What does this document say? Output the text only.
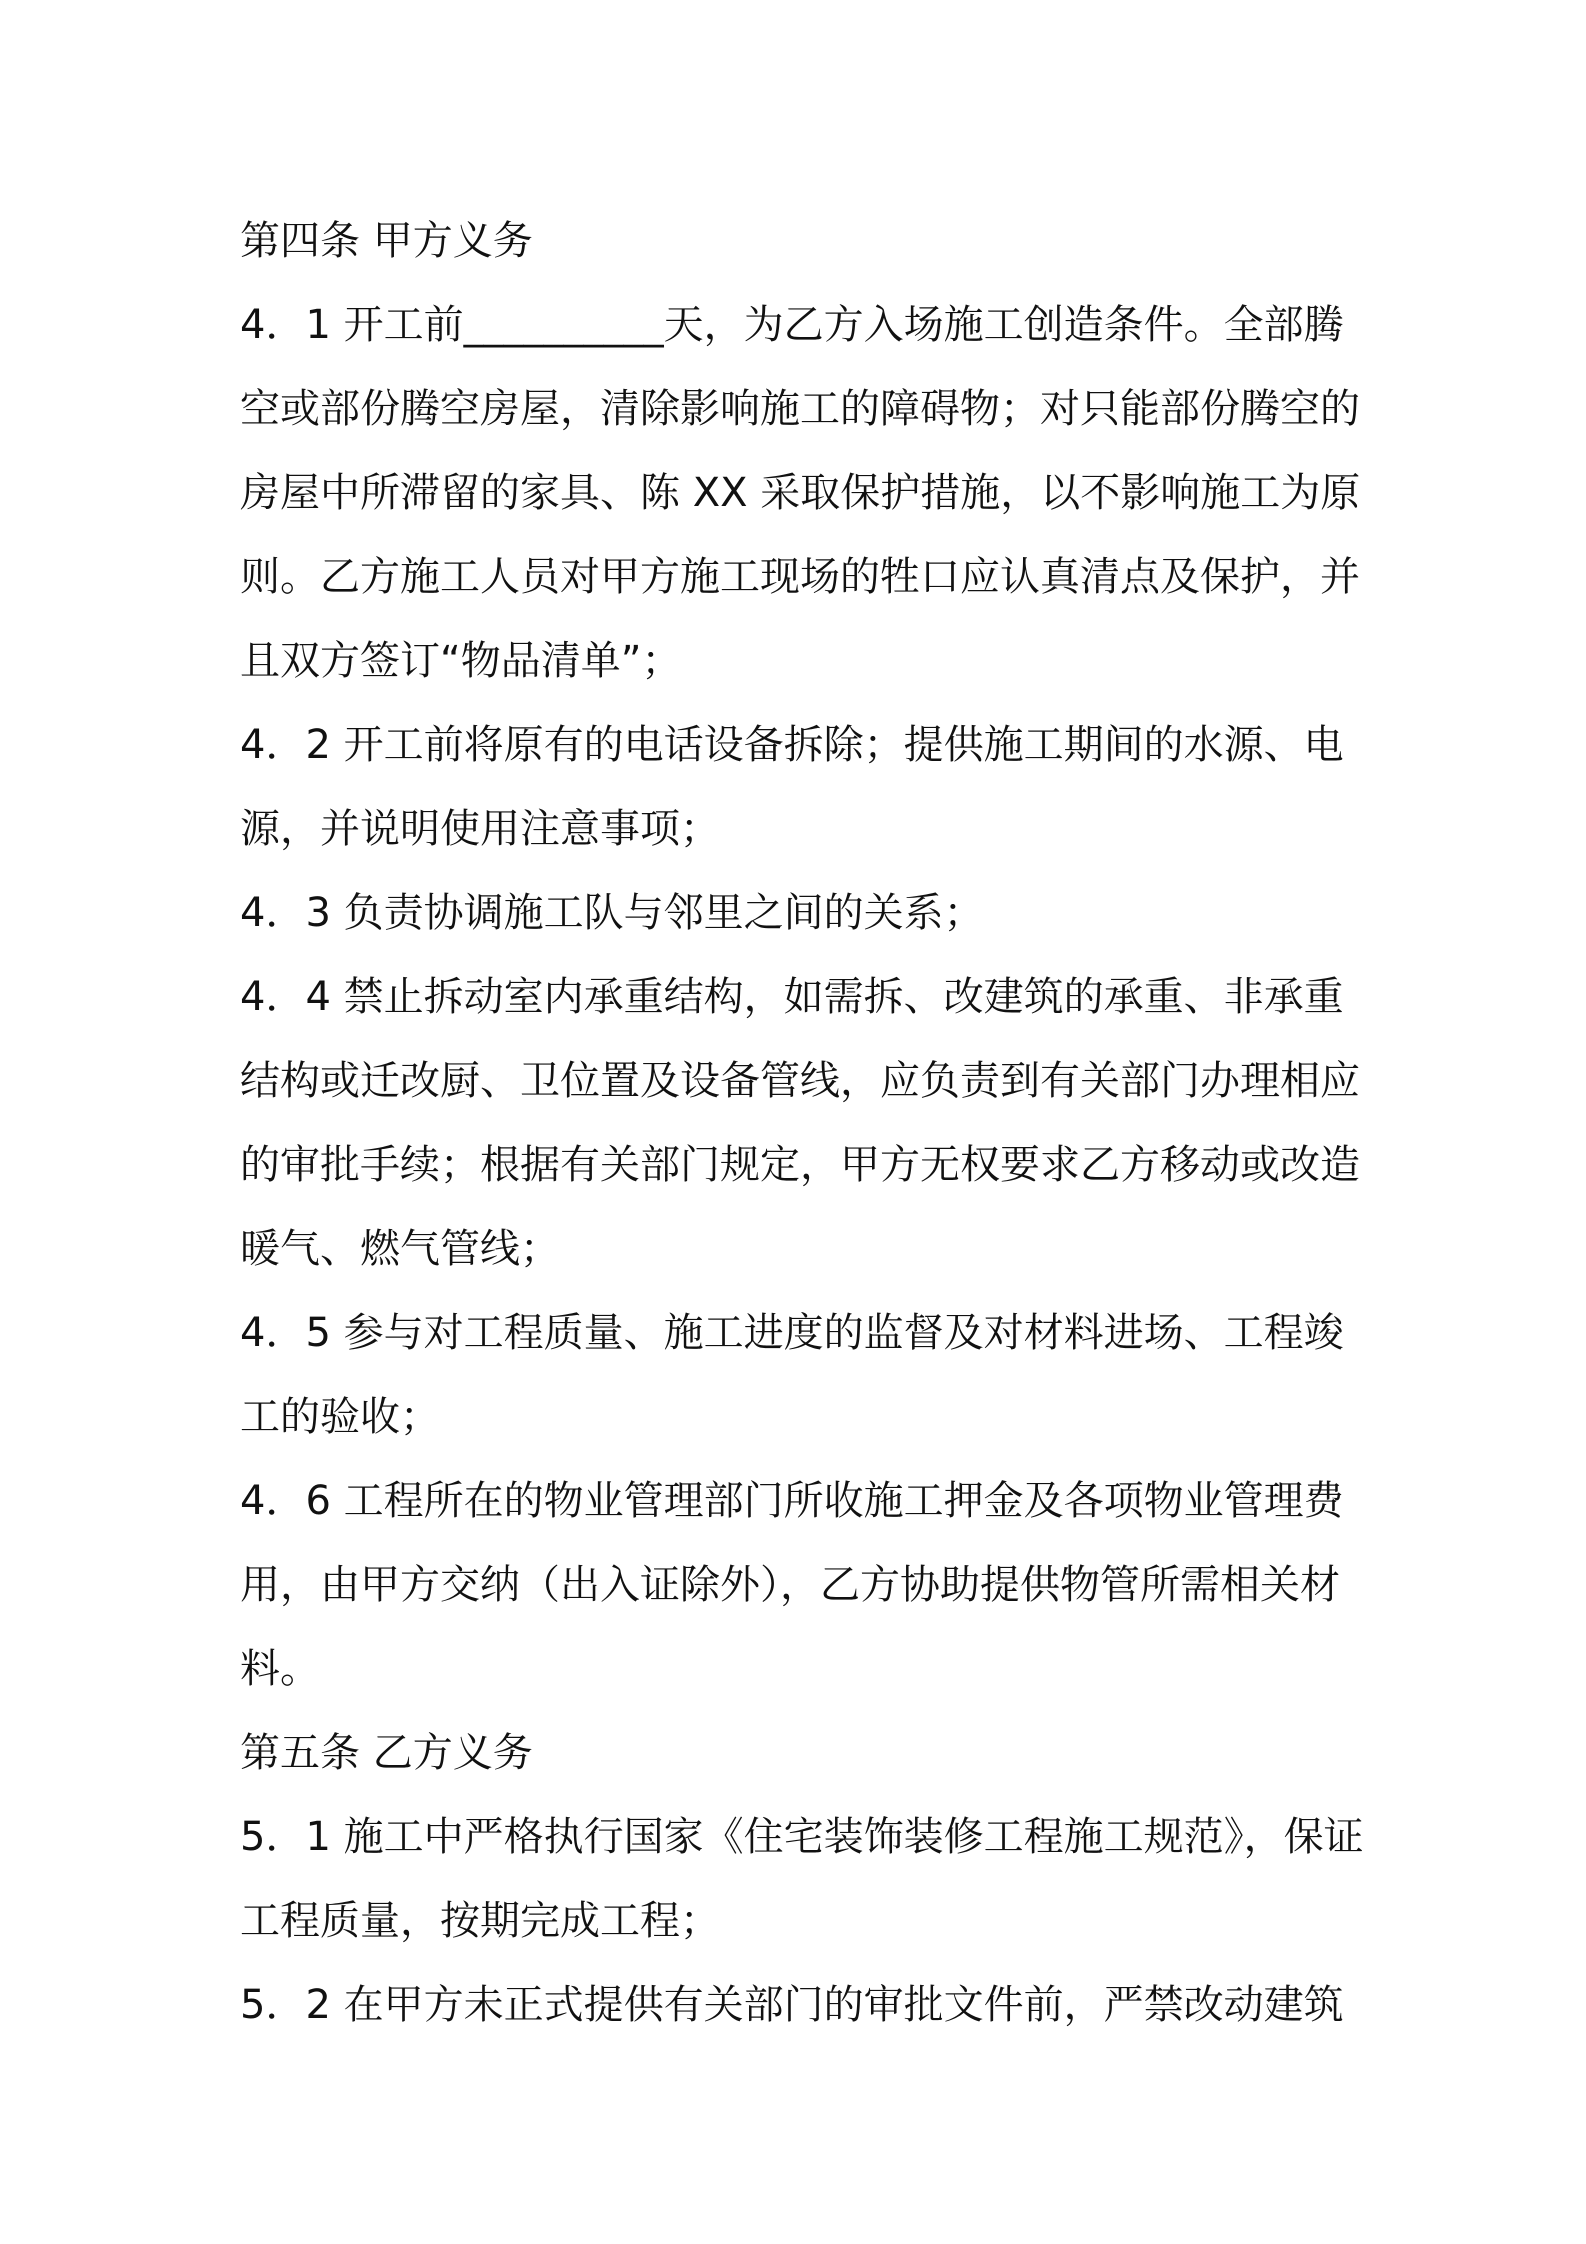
第四条 甲方义务

4．1 开工前__________天，为乙方入场施工创造条件。全部腾

空或部份腾空房屋，清除影响施工的障碍物；对只能部份腾空的

房屋中所滞留的家具、陈 XX 采取保护措施，以不影响施工为原

则。乙方施工人员对甲方施工现场的牲口应认真清点及保护，并

且双方签订“物品清单”；

4．2 开工前将原有的电话设备拆除；提供施工期间的水源、电

源，并说明使用注意事项；

4．3 负责协调施工队与邻里之间的关系；

4．4 禁止拆动室内承重结构，如需拆、改建筑的承重、非承重

结构或迁改厨、卫位置及设备管线，应负责到有关部门办理相应

的审批手续；根据有关部门规定，甲方无权要求乙方移动或改造

暖气、燃气管线；

4．5 参与对工程质量、施工进度的监督及对材料进场、工程竣

工的验收；

4．6 工程所在的物业管理部门所收施工押金及各项物业管理费

用，由甲方交纳（出入证除外），乙方协助提供物管所需相关材

料。

第五条 乙方义务

5．1 施工中严格执行国家《住宅装饰装修工程施工规范》，保证

工程质量，按期完成工程；

5．2 在甲方未正式提供有关部门的审批文件前，严禁改动建筑
